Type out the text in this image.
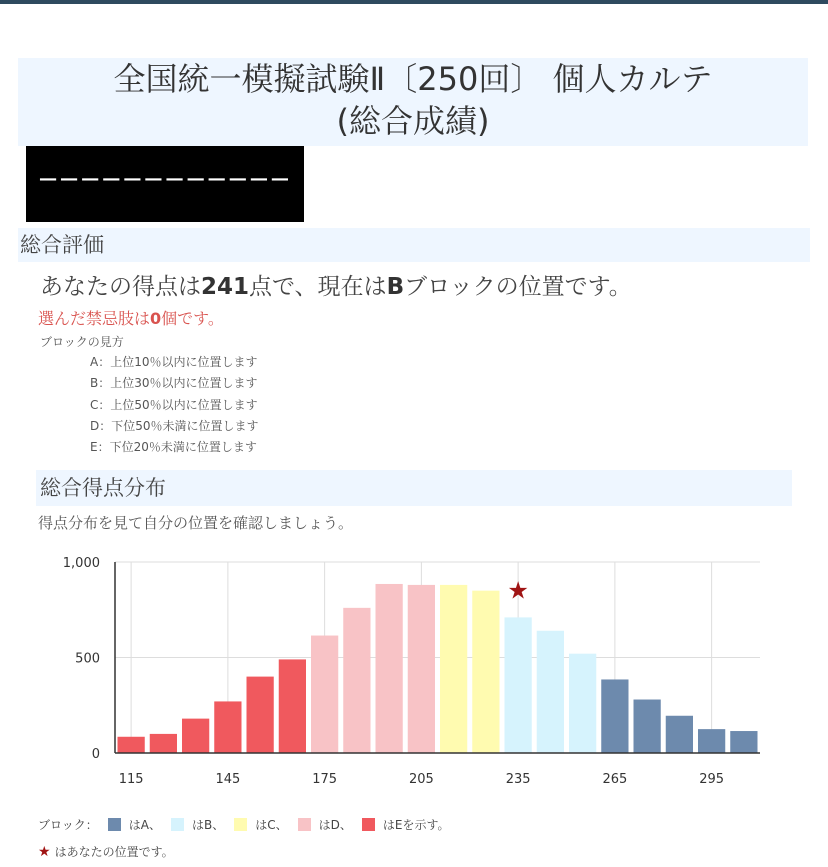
全国統一模擬試験Ⅱ〔250回〕 個人カルテ
(総合成績)
‒‒‒‒‒‒‒‒‒‒‒‒
総合評価
あなたの得点は241点で、現在はBブロックの位置です。
選んだ禁忌肢は0個です。
ブロックの見方
A：上位10％以内に位置します
B：上位30％以内に位置します
C：上位50％以内に位置します
D：下位50％未満に位置します
E：下位20％未満に位置します
総合得点分布
得点分布を見て自分の位置を確認しましょう。
0
500
1,000
115	145	175	205	235	265	295
★
ブロック：	はA、	はB、	はC、	はD、	はEを示す。
★ はあなたの位置です。
